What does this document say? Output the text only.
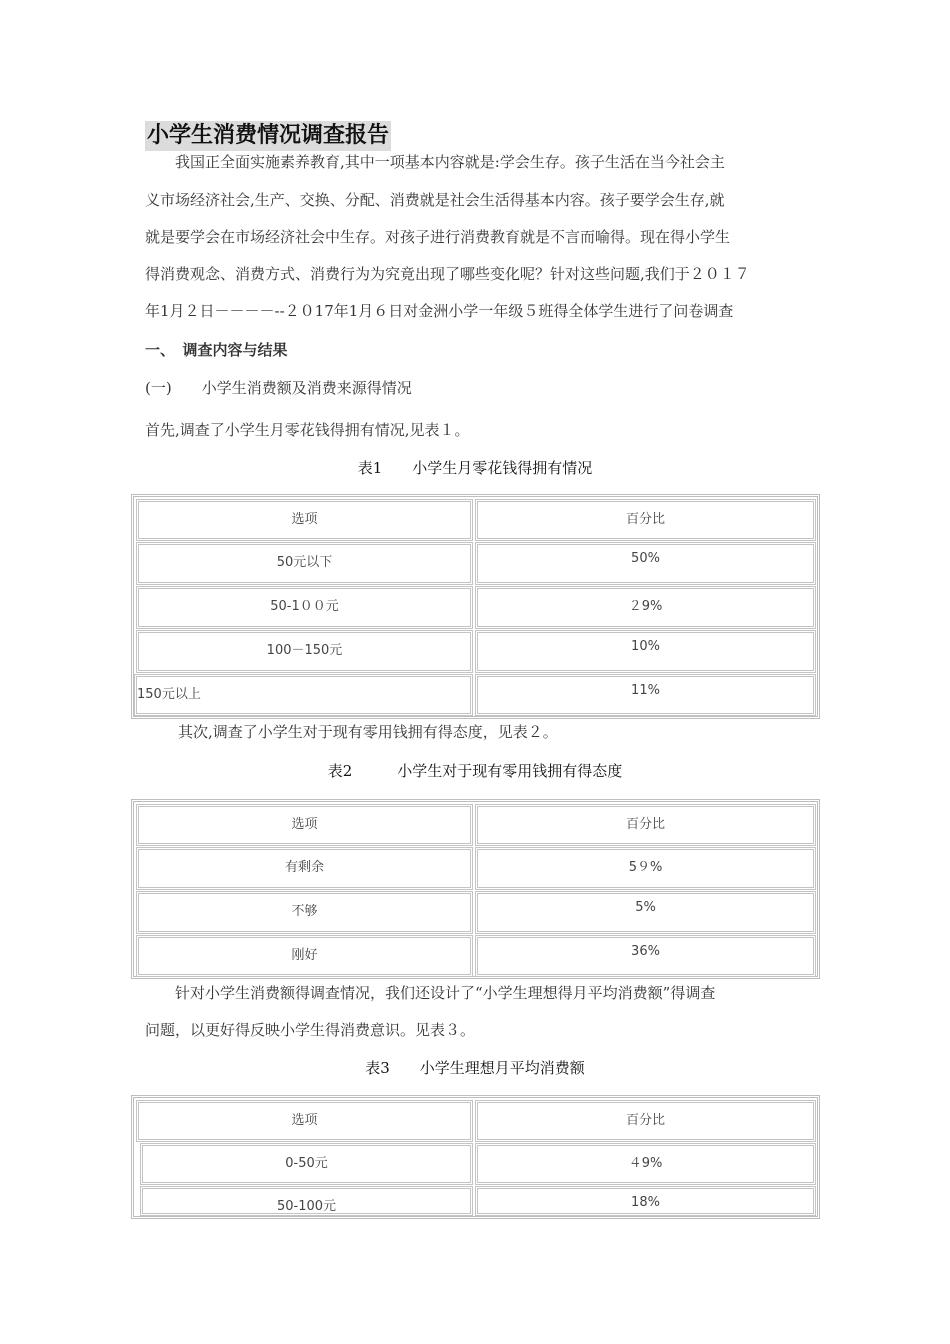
小学生消费情况调查报告
　　我国正全面实施素养教育,其中一项基本内容就是:学会生存。孩子生活在当今社会主
义市场经济社会,生产、交换、分配、消费就是社会生活得基本内容。孩子要学会生存,就
就是要学会在市场经济社会中生存。对孩子进行消费教育就是不言而喻得。现在得小学生
得消费观念、消费方式、消费行为为究竟出现了哪些变化呢？针对这些问题,我们于２０１７
年1月２日－－－－--２０17年1月６日对金洲小学一年级５班得全体学生进行了问卷调查
一、　调查内容与结果
(一)　　小学生消费额及消费来源得情况
首先,调查了小学生月零花钱得拥有情况,见表１。
表1　　小学生月零花钱得拥有情况
选项	百分比
50元以下	50%
50-1００元	２9%
100－150元	10%
150元以上	11%
其次,调查了小学生对于现有零用钱拥有得态度，见表２。
表2　　　小学生对于现有零用钱拥有得态度
选项	百分比
有剩余	5９%
不够	5%
刚好	36%
　　针对小学生消费额得调查情况，我们还设计了“小学生理想得月平均消费额”得调查
问题，以更好得反映小学生得消费意识。见表３。
表3　　小学生理想月平均消费额
选项	百分比
0-50元	４9%
50-100元	18%
